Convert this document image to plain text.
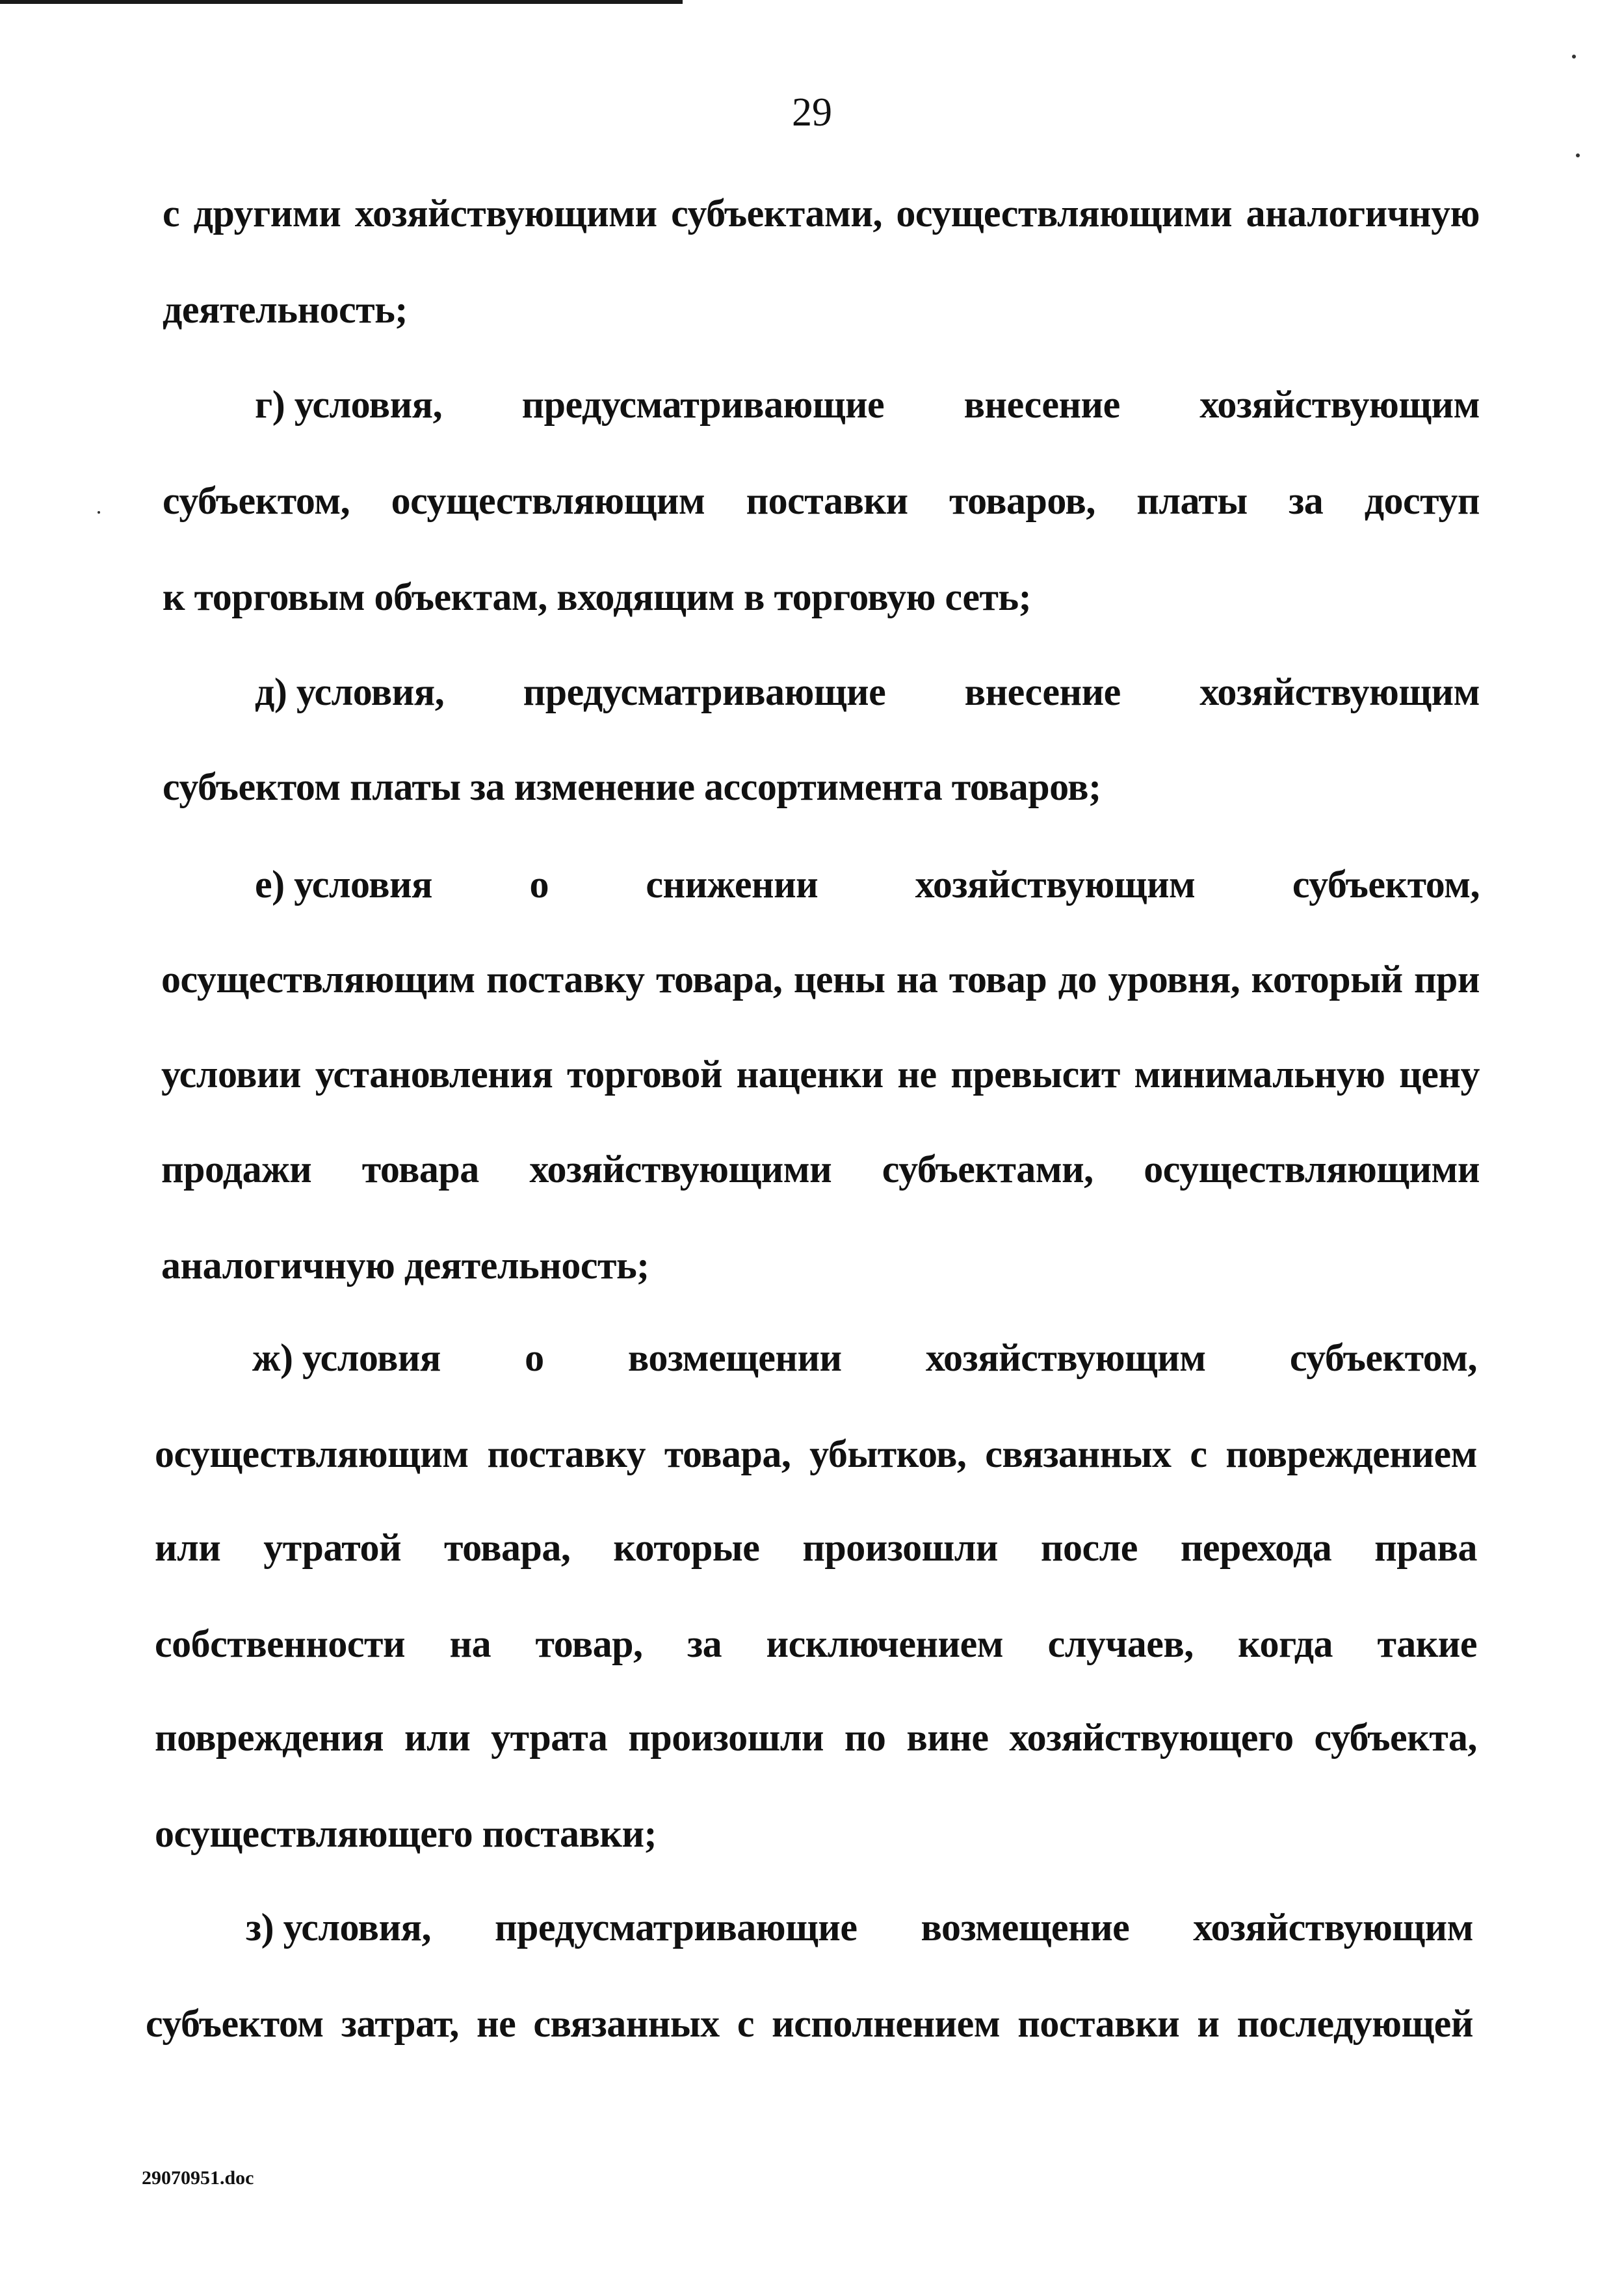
29
с другими хозяйствующими субъектами, осуществляющими аналогичную
деятельность;
г) условия, предусматривающие внесение хозяйствующим
субъектом, осуществляющим поставки товаров, платы за доступ
к торговым объектам, входящим в торговую сеть;
д) условия, предусматривающие внесение хозяйствующим
субъектом платы за изменение ассортимента товаров;
е) условия о снижении хозяйствующим субъектом,
осуществляющим поставку товара, цены на товар до уровня, который при
условии установления торговой наценки не превысит минимальную цену
продажи товара хозяйствующими субъектами, осуществляющими
аналогичную деятельность;
ж) условия о возмещении хозяйствующим субъектом,
осуществляющим поставку товара, убытков, связанных с повреждением
или утратой товара, которые произошли после перехода права
собственности на товар, за исключением случаев, когда такие
повреждения или утрата произошли по вине хозяйствующего субъекта,
осуществляющего поставки;
з) условия, предусматривающие возмещение хозяйствующим
субъектом затрат, не связанных с исполнением поставки и последующей
29070951.doc
